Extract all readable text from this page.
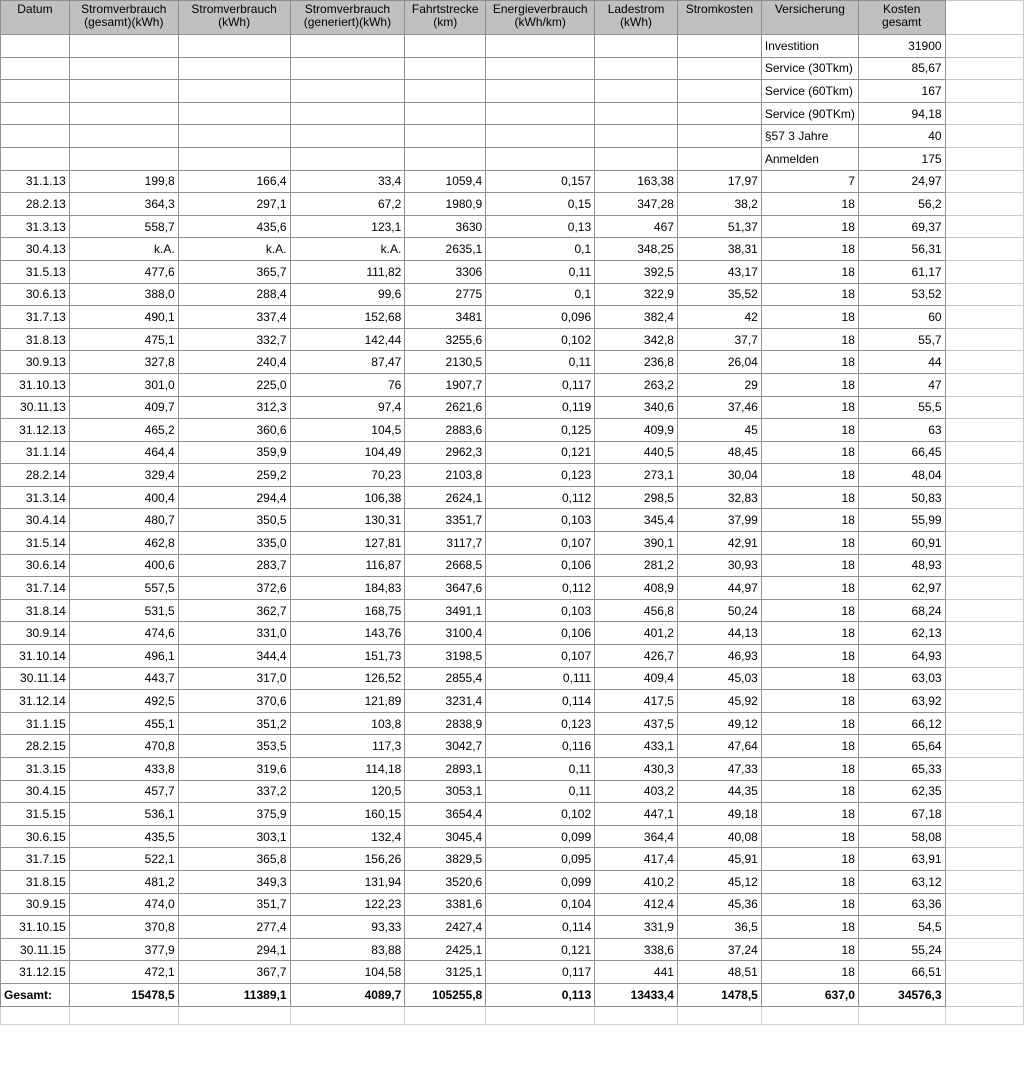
Datum	Stromverbrauch (gesamt)(kWh)	Stromverbrauch (kWh)	Stromverbrauch (generiert)(kWh)	Fahrtstrecke (km)	Energieverbrauch (kWh/km)	Ladestrom (kWh)	Stromkosten	Versicherung	Kosten gesamt	
								Investition	31900	
								Service (30Tkm)	85,67	
								Service (60Tkm)	167	
								Service (90TKm)	94,18	
								§57 3 Jahre	40	
								Anmelden	175	
31.1.13	199,8	166,4	33,4	1059,4	0,157	163,38	17,97	7	24,97	
28.2.13	364,3	297,1	67,2	1980,9	0,15	347,28	38,2	18	56,2	
31.3.13	558,7	435,6	123,1	3630	0,13	467	51,37	18	69,37	
30.4.13	k.A.	k.A.	k.A.	2635,1	0,1	348,25	38,31	18	56,31	
31.5.13	477,6	365,7	111,82	3306	0,11	392,5	43,17	18	61,17	
30.6.13	388,0	288,4	99,6	2775	0,1	322,9	35,52	18	53,52	
31.7.13	490,1	337,4	152,68	3481	0,096	382,4	42	18	60	
31.8.13	475,1	332,7	142,44	3255,6	0,102	342,8	37,7	18	55,7	
30.9.13	327,8	240,4	87,47	2130,5	0,11	236,8	26,04	18	44	
31.10.13	301,0	225,0	76	1907,7	0,117	263,2	29	18	47	
30.11.13	409,7	312,3	97,4	2621,6	0,119	340,6	37,46	18	55,5	
31.12.13	465,2	360,6	104,5	2883,6	0,125	409,9	45	18	63	
31.1.14	464,4	359,9	104,49	2962,3	0,121	440,5	48,45	18	66,45	
28.2.14	329,4	259,2	70,23	2103,8	0,123	273,1	30,04	18	48,04	
31.3.14	400,4	294,4	106,38	2624,1	0,112	298,5	32,83	18	50,83	
30.4.14	480,7	350,5	130,31	3351,7	0,103	345,4	37,99	18	55,99	
31.5.14	462,8	335,0	127,81	3117,7	0,107	390,1	42,91	18	60,91	
30.6.14	400,6	283,7	116,87	2668,5	0,106	281,2	30,93	18	48,93	
31.7.14	557,5	372,6	184,83	3647,6	0,112	408,9	44,97	18	62,97	
31.8.14	531,5	362,7	168,75	3491,1	0,103	456,8	50,24	18	68,24	
30.9.14	474,6	331,0	143,76	3100,4	0,106	401,2	44,13	18	62,13	
31.10.14	496,1	344,4	151,73	3198,5	0,107	426,7	46,93	18	64,93	
30.11.14	443,7	317,0	126,52	2855,4	0,111	409,4	45,03	18	63,03	
31.12.14	492,5	370,6	121,89	3231,4	0,114	417,5	45,92	18	63,92	
31.1.15	455,1	351,2	103,8	2838,9	0,123	437,5	49,12	18	66,12	
28.2.15	470,8	353,5	117,3	3042,7	0,116	433,1	47,64	18	65,64	
31.3.15	433,8	319,6	114,18	2893,1	0,11	430,3	47,33	18	65,33	
30.4.15	457,7	337,2	120,5	3053,1	0,11	403,2	44,35	18	62,35	
31.5.15	536,1	375,9	160,15	3654,4	0,102	447,1	49,18	18	67,18	
30.6.15	435,5	303,1	132,4	3045,4	0,099	364,4	40,08	18	58,08	
31.7.15	522,1	365,8	156,26	3829,5	0,095	417,4	45,91	18	63,91	
31.8.15	481,2	349,3	131,94	3520,6	0,099	410,2	45,12	18	63,12	
30.9.15	474,0	351,7	122,23	3381,6	0,104	412,4	45,36	18	63,36	
31.10.15	370,8	277,4	93,33	2427,4	0,114	331,9	36,5	18	54,5	
30.11.15	377,9	294,1	83,88	2425,1	0,121	338,6	37,24	18	55,24	
31.12.15	472,1	367,7	104,58	3125,1	0,117	441	48,51	18	66,51	
Gesamt:	15478,5	11389,1	4089,7	105255,8	0,113	13433,4	1478,5	637,0	34576,3	
